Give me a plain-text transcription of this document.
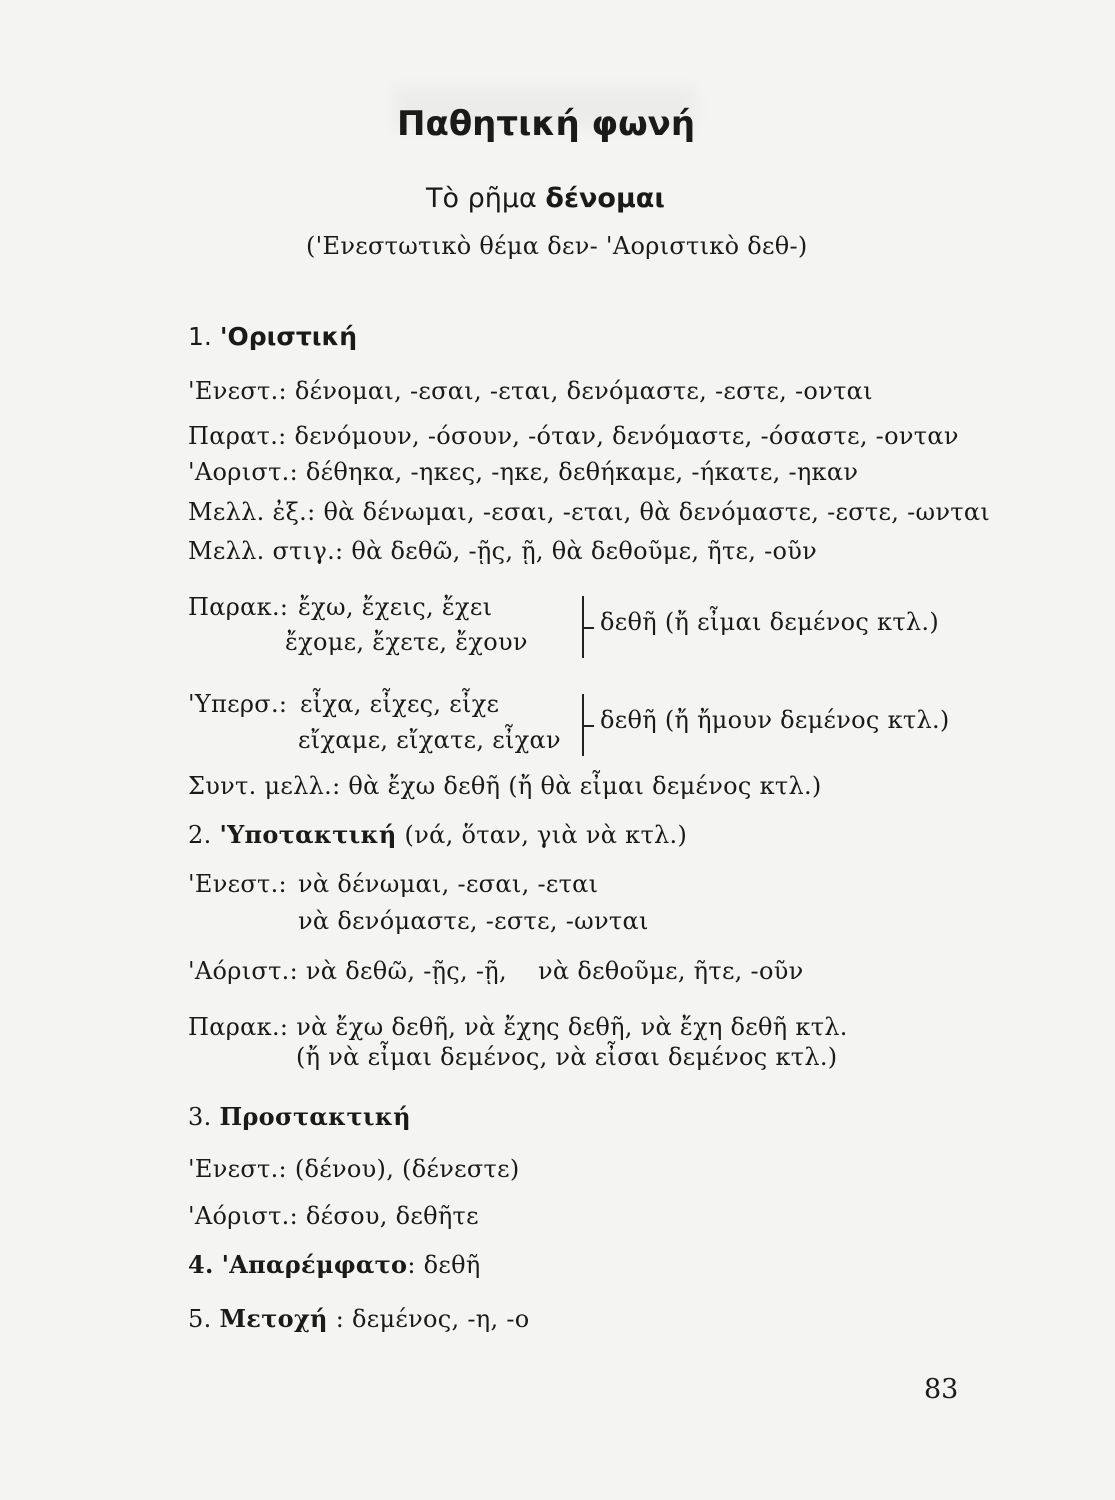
Παθητική φωνή
Τὸ ρῆμα δένομαι
('Ενεστωτικὸ θέμα δεν- 'Αοριστικὸ δεθ-)
1. 'Οριστική
'Ενεστ.: δένομαι, -εσαι, -εται, δενόμαστε, -εστε, -ονται
Παρατ.: δενόμουν, -όσουν, -όταν, δενόμαστε, -όσαστε, -ονταν
'Αοριστ.: δέθηκα, -ηκες, -ηκε, δεθήκαμε, -ήκατε, -ηκαν
Μελλ. ἐξ.: θὰ δένωμαι, -εσαι, -εται, θὰ δενόμαστε, -εστε, -ωνται
Μελλ. στιγ.: θὰ δεθῶ, -ῇς, ῇ, θὰ δεθοῦμε, ῆτε, -οῦν
Παρακ.: ἔχω, ἔχεις, ἔχει
ἔχομε, ἔχετε, ἔχουν
δεθῆ (ἤ εἶμαι δεμένος κτλ.)
'Υπερσ.: εἶχα, εἶχες, εἶχε
εἴχαμε, εἴχατε, εἶχαν
δεθῆ (ἤ ἤμουν δεμένος κτλ.)
Συντ. μελλ.: θὰ ἔχω δεθῆ (ἤ θὰ εἶμαι δεμένος κτλ.)
2. 'Υποτακτική (νά, ὅταν, γιὰ νὰ κτλ.)
'Ενεστ.: νὰ δένωμαι, -εσαι, -εται
νὰ δενόμαστε, -εστε, -ωνται
'Αόριστ.: νὰ δεθῶ, -ῇς, -ῇ, νὰ δεθοῦμε, ῆτε, -οῦν
Παρακ.: νὰ ἔχω δεθῆ, νὰ ἔχης δεθῆ, νὰ ἔχη δεθῆ κτλ.
(ἤ νὰ εἶμαι δεμένος, νὰ εἶσαι δεμένος κτλ.)
3. Προστακτική
'Ενεστ.: (δένου), (δένεστε)
'Αόριστ.: δέσου, δεθῆτε
4. 'Απαρέμφατο: δεθῆ
5. Μετοχή : δεμένος, -η, -ο
83
